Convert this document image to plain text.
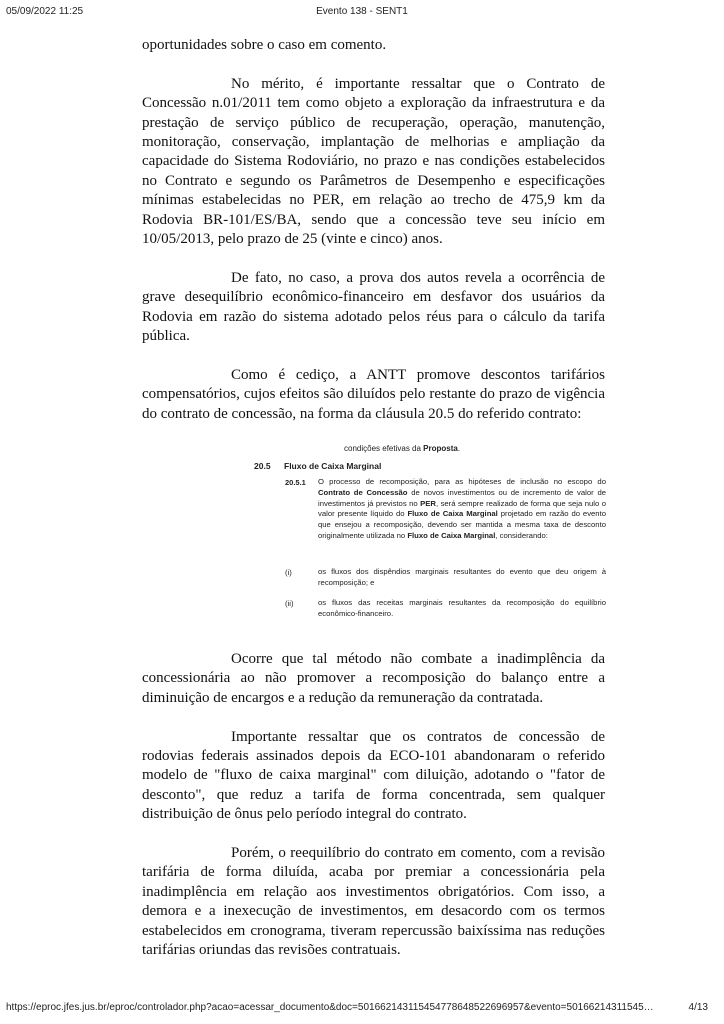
05/09/2022 11:25	Evento 138 - SENT1

oportunidades sobre o caso em comento.

No mérito, é importante ressaltar que o Contrato de Concessão n.01/2011 tem como objeto a exploração da infraestrutura e da prestação de serviço público de recuperação, operação, manutenção, monitoração, conservação, implantação de melhorias e ampliação da capacidade do Sistema Rodoviário, no prazo e nas condições estabelecidos no Contrato e segundo os Parâmetros de Desempenho e especificações mínimas estabelecidas no PER, em relação ao trecho de 475,9 km da Rodovia BR-101/ES/BA, sendo que a concessão teve seu início em 10/05/2013, pelo prazo de 25 (vinte e cinco) anos.

De fato, no caso, a prova dos autos revela a ocorrência de grave desequilíbrio econômico-financeiro em desfavor dos usuários da Rodovia em razão do sistema adotado pelos réus para o cálculo da tarifa pública.

Como é cediço, a ANTT promove descontos tarifários compensatórios, cujos efeitos são diluídos pelo restante do prazo de vigência do contrato de concessão, na forma da cláusula 20.5 do referido contrato:

condições efetivas da Proposta.
20.5 Fluxo de Caixa Marginal
20.5.1 O processo de recomposição, para as hipóteses de inclusão no escopo do Contrato de Concessão de novos investimentos ou de incremento de valor de investimentos já previstos no PER, será sempre realizado de forma que seja nulo o valor presente líquido do Fluxo de Caixa Marginal projetado em razão do evento que ensejou a recomposição, devendo ser mantida a mesma taxa de desconto originalmente utilizada no Fluxo de Caixa Marginal, considerando:

(i)	os fluxos dos dispêndios marginais resultantes do evento que deu origem à recomposição; e

(ii)	os fluxos das receitas marginais resultantes da recomposição do equilíbrio econômico-financeiro.

Ocorre que tal método não combate a inadimplência da concessionária ao não promover a recomposição do balanço entre a diminuição de encargos e a redução da remuneração da contratada.

Importante ressaltar que os contratos de concessão de rodovias federais assinados depois da ECO-101 abandonaram o referido modelo de "fluxo de caixa marginal" com diluição, adotando o "fator de desconto", que reduz a tarifa de forma concentrada, sem qualquer distribuição de ônus pelo período integral do contrato.

Porém, o reequilíbrio do contrato em comento, com a revisão tarifária de forma diluída, acaba por premiar a concessionária pela inadimplência em relação aos investimentos obrigatórios. Com isso, a demora e a inexecução de investimentos, em desacordo com os termos estabelecidos em cronograma, tiveram repercussão baixíssima nas reduções tarifárias oriundas das revisões contratuais.

https://eproc.jfes.jus.br/eproc/controlador.php?acao=acessar_documento&doc=50166214311545477864852269695​7&evento=50166214311545…	4/13
